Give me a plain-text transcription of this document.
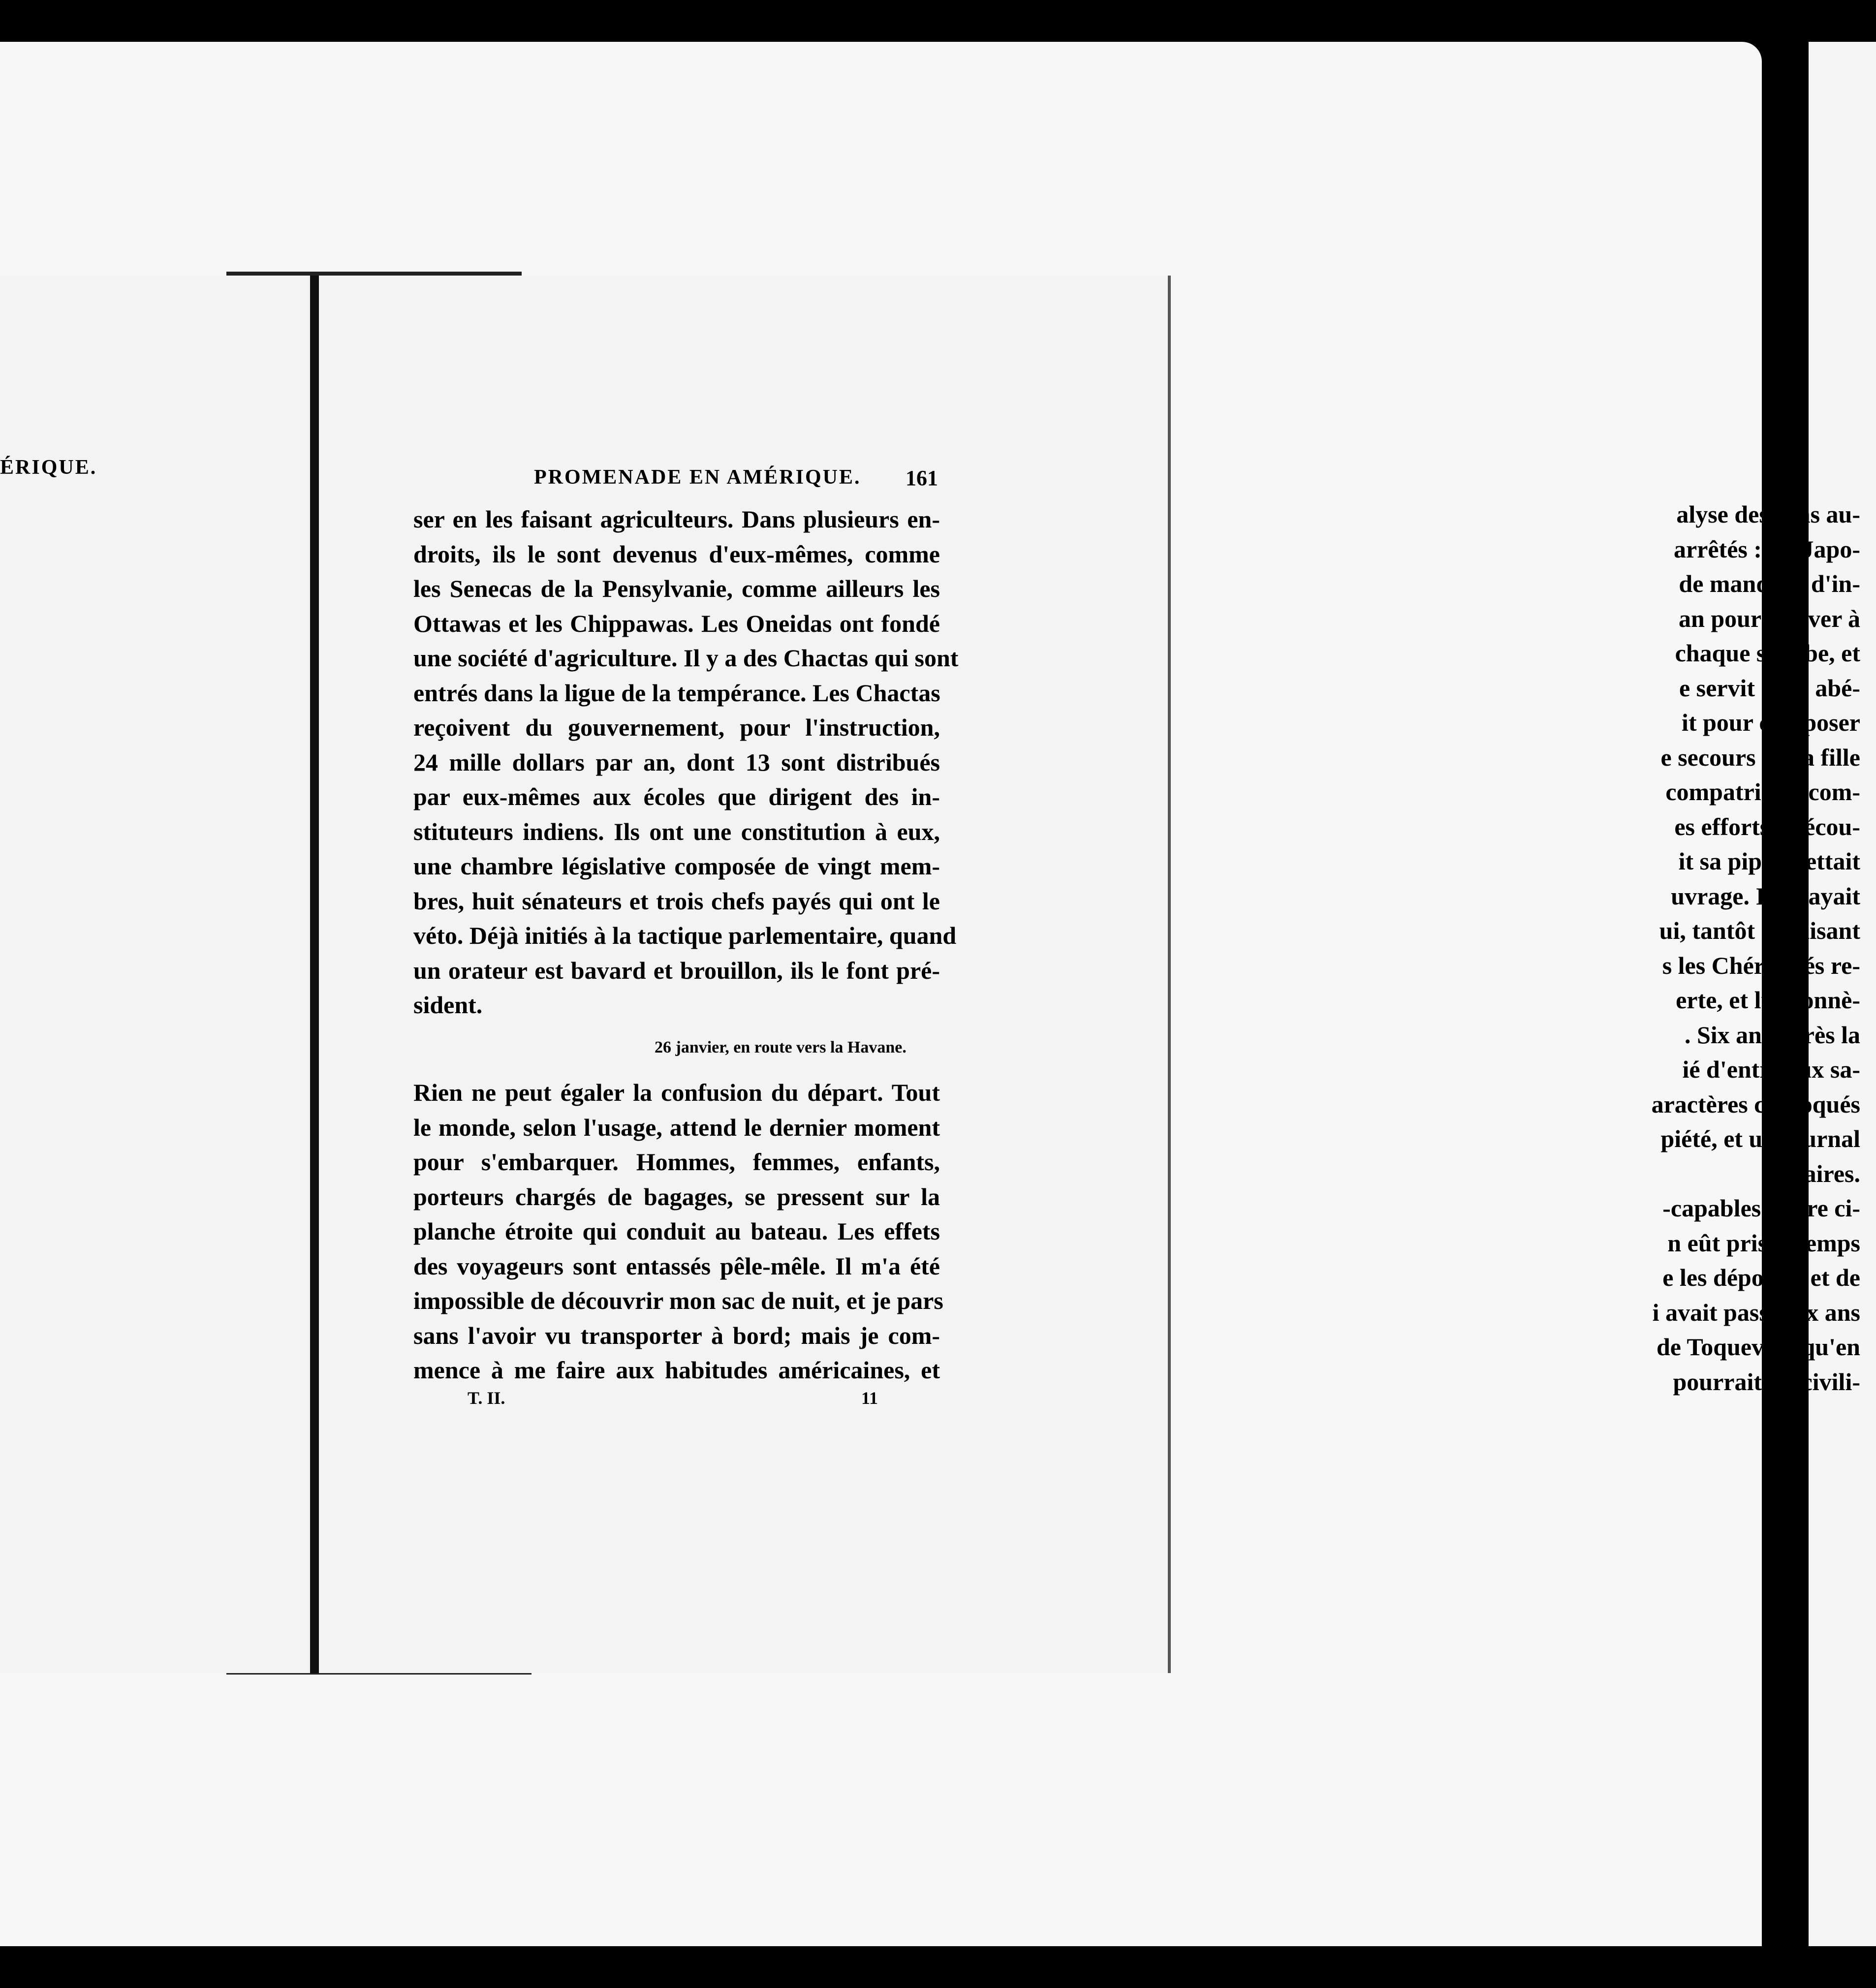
ÉRIQUE.
alyse des sons au-
arrêtés : les Japo-
de manquer d'in-
an pour arriver à
chaque syllabe, et
e servit d'un abé-
it pour composer
e secours de sa fille
compatriotes com-
es efforts. Il écou-
it sa pipe, mettait
uvrage. Il essayait
ui, tantôt elle lisant
s les Chéroqués re-
erte, et lui donnè-
. Six ans après la
ié d'entre eux sa-
aractères chéroqués
piété, et un journal
laires.
-capables d'être ci-
n eût pris le temps
e les déporter et de
i avait passé dix ans
de Toqueville qu'en
pourrait les civili-
PROMENADE EN AMÉRIQUE. 161
ser en les faisant agriculteurs. Dans plusieurs en-
droits, ils le sont devenus d'eux-mêmes, comme
les Senecas de la Pensylvanie, comme ailleurs les
Ottawas et les Chippawas. Les Oneidas ont fondé
une société d'agriculture. Il y a des Chactas qui sont
entrés dans la ligue de la tempérance. Les Chactas
reçoivent du gouvernement, pour l'instruction,
24 mille dollars par an, dont 13 sont distribués
par eux-mêmes aux écoles que dirigent des in-
stituteurs indiens. Ils ont une constitution à eux,
une chambre législative composée de vingt mem-
bres, huit sénateurs et trois chefs payés qui ont le
véto. Déjà initiés à la tactique parlementaire, quand
un orateur est bavard et brouillon, ils le font pré-
sident.
26 janvier, en route vers la Havane.
Rien ne peut égaler la confusion du départ. Tout
le monde, selon l'usage, attend le dernier moment
pour s'embarquer. Hommes, femmes, enfants,
porteurs chargés de bagages, se pressent sur la
planche étroite qui conduit au bateau. Les effets
des voyageurs sont entassés pêle-mêle. Il m'a été
impossible de découvrir mon sac de nuit, et je pars
sans l'avoir vu transporter à bord; mais je com-
mence à me faire aux habitudes américaines, et
T. II.	11
